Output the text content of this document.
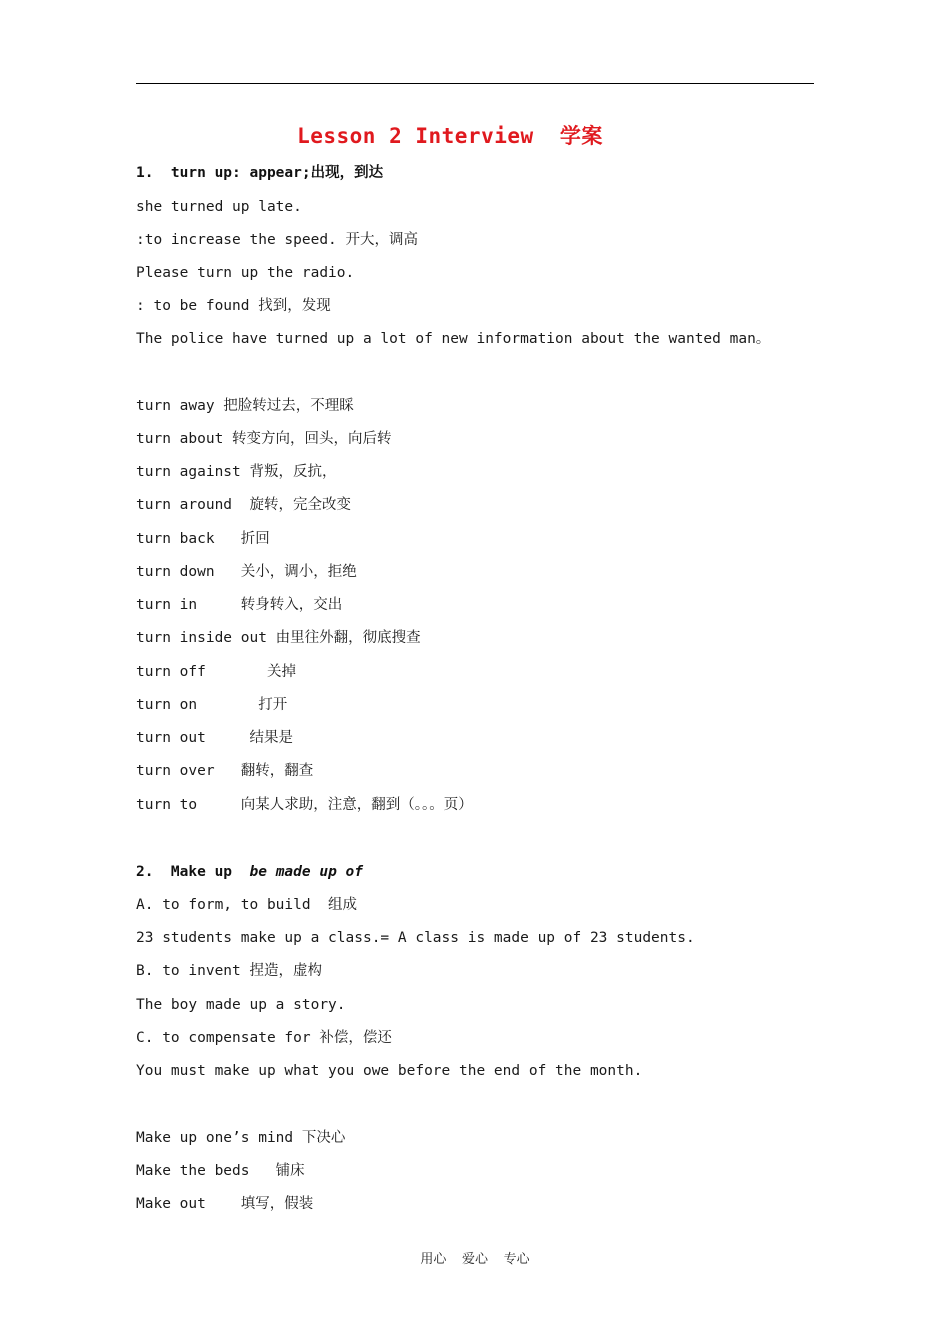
Lesson 2 Interview  学案
1.  turn up: appear;出现，到达
she turned up late.
:to increase the speed. 开大，调高
Please turn up the radio.
: to be found 找到，发现
The police have turned up a lot of new information about the wanted man。
turn away 把脸转过去，不理睬
turn about 转变方向，回头，向后转
turn against 背叛，反抗，
turn around  旋转，完全改变
turn back   折回
turn down   关小，调小，拒绝
turn in     转身转入，交出
turn inside out 由里往外翻，彻底搜查
turn off       关掉
turn on       打开
turn out     结果是
turn over   翻转，翻查
turn to     向某人求助，注意，翻到（。。。页）
2.  Make up  be made up of
A. to form, to build  组成
23 students make up a class.= A class is made up of 23 students.
B. to invent 捏造，虚构
The boy made up a story.
C. to compensate for 补偿，偿还
You must make up what you owe before the end of the month.
Make up one’s mind 下决心
Make the beds   铺床
Make out    填写，假装
用心  爱心  专心
